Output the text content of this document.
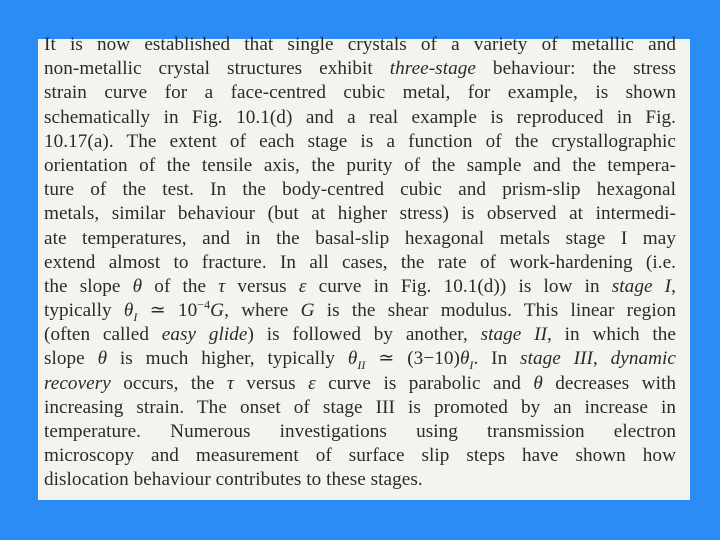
It is now established that single crystals of a variety of metallic and
non-metallic crystal structures exhibit three-stage behaviour: the stress
strain curve for a face-centred cubic metal, for example, is shown
schematically in Fig. 10.1(d) and a real example is reproduced in Fig.
10.17(a). The extent of each stage is a function of the crystallographic
orientation of the tensile axis, the purity of the sample and the tempera-
ture of the test. In the body-centred cubic and prism-slip hexagonal
metals, similar behaviour (but at higher stress) is observed at intermedi-
ate temperatures, and in the basal-slip hexagonal metals stage I may
extend almost to fracture. In all cases, the rate of work-hardening (i.e.
the slope θ of the τ versus ε curve in Fig. 10.1(d)) is low in stage I,
typically $\theta_I$ ≃ $10^{-4}G$, where G is the shear modulus. This linear region
(often called easy glide) is followed by another, stage II, in which the
slope θ is much higher, typically $\theta_{II}$ ≃ $(3-10)\theta_I$. In stage III, dynamic
recovery occurs, the τ versus ε curve is parabolic and θ decreases with
increasing strain. The onset of stage III is promoted by an increase in
temperature. Numerous investigations using transmission electron
microscopy and measurement of surface slip steps have shown how
dislocation behaviour contributes to these stages.
